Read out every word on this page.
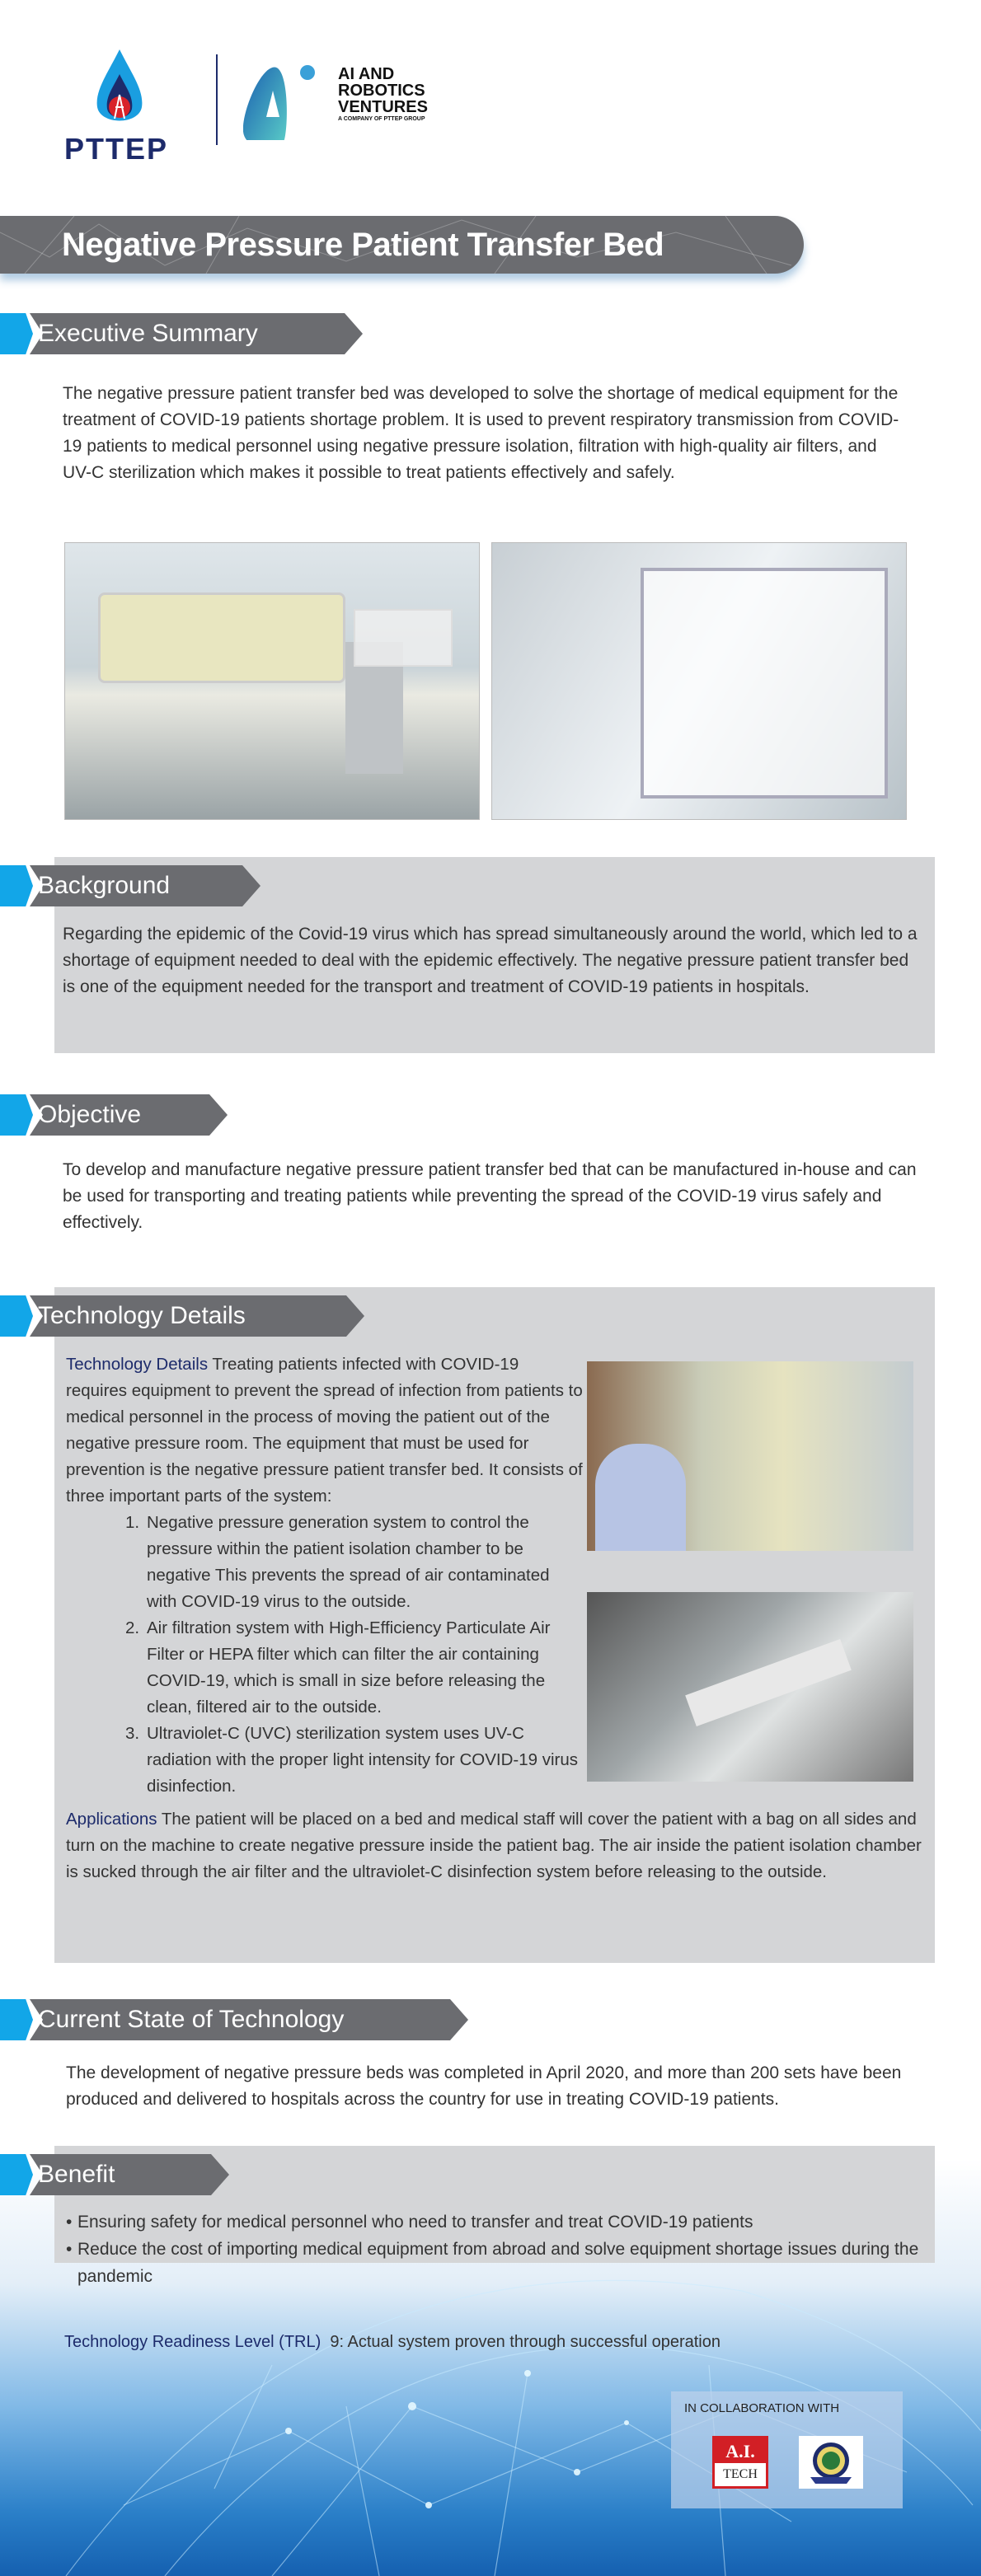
PTTEP
AI AND
ROBOTICS
VENTURES
A COMPANY OF PTTEP GROUP
Negative Pressure Patient Transfer Bed
Executive Summary

The negative pressure patient transfer bed was developed to solve the shortage of medical equipment for the treatment of COVID-19 patients shortage problem. It is used to prevent respiratory transmission from COVID-19 patients to medical personnel using negative pressure isolation, filtration with high-quality air filters, and UV-C sterilization which makes it possible to treat patients effectively and safely.

Background

Regarding the epidemic of the Covid-19 virus which has spread simultaneously around the world, which led to a shortage of equipment needed to deal with the epidemic effectively. The negative pressure patient transfer bed is one of the equipment needed for the transport and treatment of COVID-19 patients in hospitals.

Objective

To develop and manufacture negative pressure patient transfer bed that can be manufactured in-house and can be used for transporting and treating patients while preventing the spread of the COVID-19 virus safely and effectively.

Technology Details

Technology Details Treating patients infected with COVID-19 requires equipment to prevent the spread of infection from patients to medical personnel in the process of moving the patient out of the negative pressure room. The equipment that must be used for prevention is the negative pressure patient transfer bed. It consists of three important parts of the system:

1. Negative pressure generation system to control the pressure within the patient isolation chamber to be negative This prevents the spread of air contaminated with COVID-19 virus to the outside.
2. Air filtration system with High-Efficiency Particulate Air Filter or HEPA filter which can filter the air containing COVID-19, which is small in size before releasing the clean, filtered air to the outside.
3. Ultraviolet-C (UVC) sterilization system uses UV-C radiation with the proper light intensity for COVID-19 virus disinfection.

Applications The patient will be placed on a bed and medical staff will cover the patient with a bag on all sides and turn on the machine to create negative pressure inside the patient bag. The air inside the patient isolation chamber is sucked through the air filter and the ultraviolet-C disinfection system before releasing to the outside.

Current State of Technology

The development of negative pressure beds was completed in April 2020, and more than 200 sets have been produced and delivered to hospitals across the country for use in treating COVID-19 patients.

Benefit
• Ensuring safety for medical personnel who need to transfer and treat COVID-19 patients
• Reduce the cost of importing medical equipment from abroad and solve equipment shortage issues during the pandemic

Technology Readiness Level (TRL) 9: Actual system proven through successful operation

IN COLLABORATION WITH
A.I.
TECH
